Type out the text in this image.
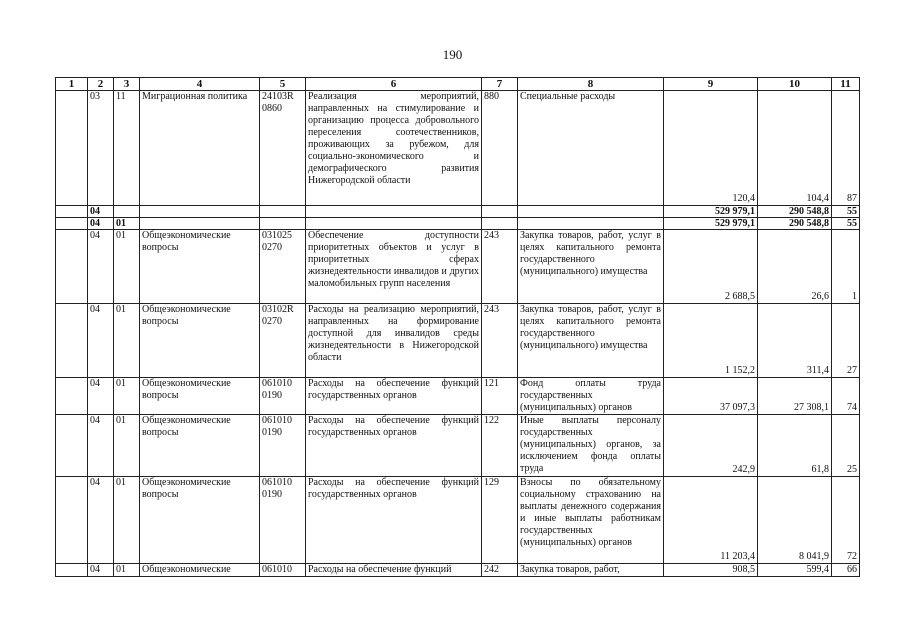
190
1	2	3	4	5	6	7	8	9	10	11
	03	11	Миграционная политика	24103R 0860	Реализация мероприятий, направленных на стимулирование и организацию процесса добровольного переселения соотечественников, проживающих за рубежом, для социально-экономического и демографического развития Нижегородской области	880	Специальные расходы	120,4	104,4	87
	04							529 979,1	290 548,8	55
	04	01						529 979,1	290 548,8	55
	04	01	Общеэкономические вопросы	031025 0270	Обеспечение доступности приоритетных объектов и услуг в приоритетных сферах жизнедеятельности инвалидов и других маломобильных групп населения	243	Закупка товаров, работ, услуг в целях капитального ремонта государственного (муниципального) имущества	2 688,5	26,6	1
	04	01	Общеэкономические вопросы	03102R 0270	Расходы на реализацию мероприятий, направленных на формирование доступной для инвалидов среды жизнедеятельности в Нижегородской области	243	Закупка товаров, работ, услуг в целях капитального ремонта государственного (муниципального) имущества	1 152,2	311,4	27
	04	01	Общеэкономические вопросы	061010 0190	Расходы на обеспечение функций государственных органов	121	Фонд оплаты труда государственных (муниципальных) органов	37 097,3	27 308,1	74
	04	01	Общеэкономические вопросы	061010 0190	Расходы на обеспечение функций государственных органов	122	Иные выплаты персоналу государственных (муниципальных) органов, за исключением фонда оплаты труда	242,9	61,8	25
	04	01	Общеэкономические вопросы	061010 0190	Расходы на обеспечение функций государственных органов	129	Взносы по обязательному социальному страхованию на выплаты денежного содержания и иные выплаты работникам государственных (муниципальных) органов	11 203,4	8 041,9	72
	04	01	Общеэкономические	061010	Расходы на обеспечение функций	242	Закупка товаров, работ,	908,5	599,4	66
